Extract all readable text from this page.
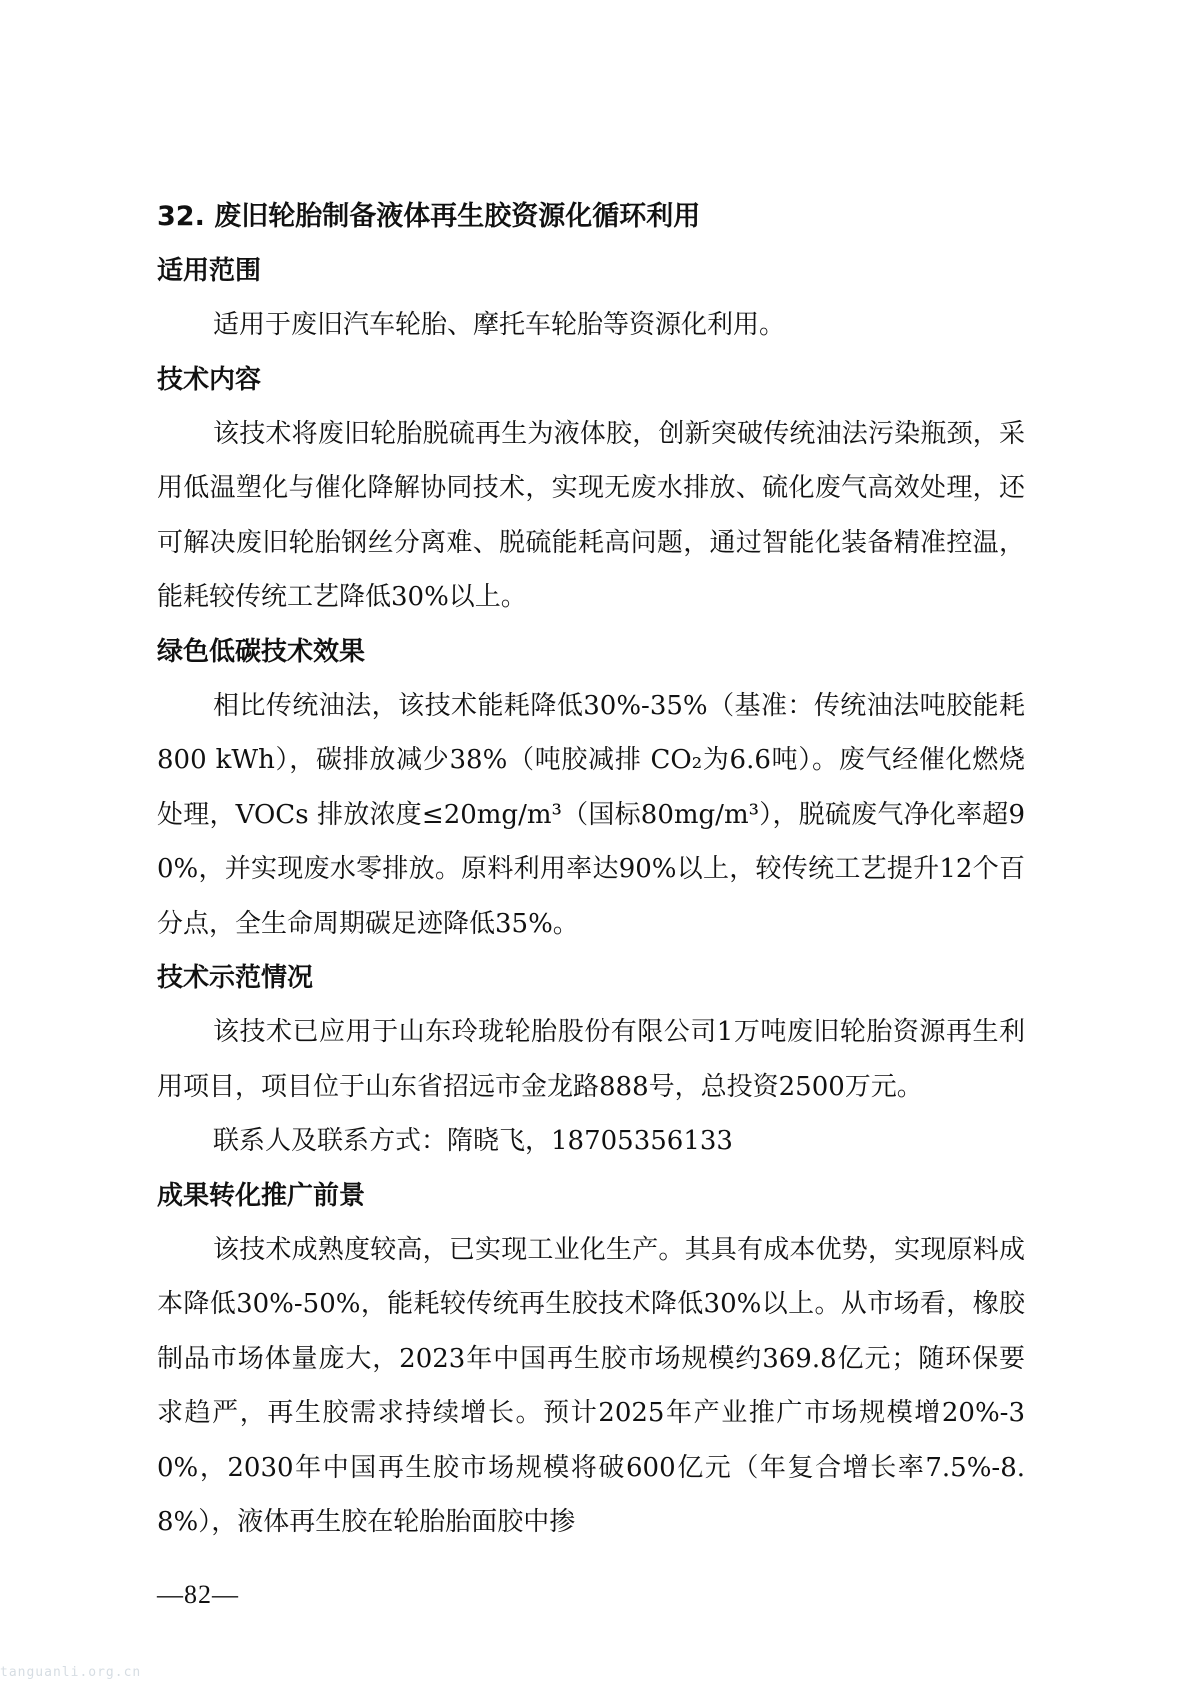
32. 废旧轮胎制备液体再生胶资源化循环利用

适用范围

适用于废旧汽车轮胎、摩托车轮胎等资源化利用。

技术内容

该技术将废旧轮胎脱硫再生为液体胶，创新突破传统油法污染瓶颈，采用低温塑化与催化降解协同技术，实现无废水排放、硫化废气高效处理，还可解决废旧轮胎钢丝分离难、脱硫能耗高问题，通过智能化装备精准控温，能耗较传统工艺降低30%以上。

绿色低碳技术效果

相比传统油法，该技术能耗降低30%-35%（基准：传统油法吨胶能耗800 kWh），碳排放减少38%（吨胶减排 CO₂为6.6吨）。废气经催化燃烧处理，VOCs 排放浓度≤20mg/m³（国标80mg/m³），脱硫废气净化率超90%，并实现废水零排放。原料利用率达90%以上，较传统工艺提升12个百分点，全生命周期碳足迹降低35%。

技术示范情况

该技术已应用于山东玲珑轮胎股份有限公司1万吨废旧轮胎资源再生利用项目，项目位于山东省招远市金龙路888号，总投资2500万元。

联系人及联系方式：隋晓飞，18705356133

成果转化推广前景

该技术成熟度较高，已实现工业化生产。其具有成本优势，实现原料成本降低30%-50%，能耗较传统再生胶技术降低30%以上。从市场看，橡胶制品市场体量庞大，2023年中国再生胶市场规模约369.8亿元；随环保要求趋严，再生胶需求持续增长。预计2025年产业推广市场规模增20%-30%，2030年中国再生胶市场规模将破600亿元（年复合增长率7.5%-8.8%），液体再生胶在轮胎胎面胶中掺

—82—
tanguanli.org.cn
